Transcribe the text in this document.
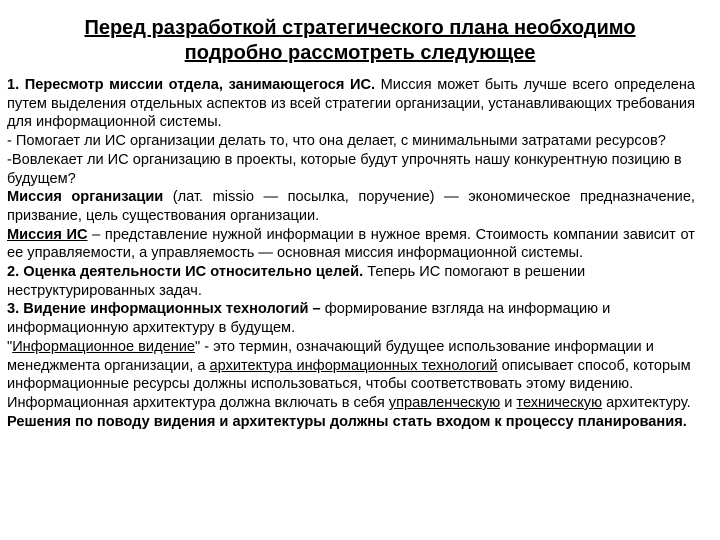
Перед разработкой стратегического плана необходимо
подробно рассмотреть следующее

1. Пересмотр миссии отдела, занимающегося ИС. Миссия может быть лучше всего определена путем выделения отдельных аспектов из всей стратегии организации, устанавливающих требования для информационной системы.

- Помогает ли ИС организации делать то, что она делает, с минимальными затратами ресурсов?

-Вовлекает ли ИС организацию в проекты, которые будут упрочнять нашу конкурентную позицию в будущем?

Миссия организации (лат. missio — посылка, поручение) — экономическое предназначение, призвание, цель существования организации.

Миссия ИС – представление нужной информации в нужное время. Стоимость компании зависит от ее управляемости, а управляемость — основная миссия информационной системы.

2. Оценка деятельности ИС относительно целей. Теперь ИС помогают в решении неструктурированных задач.

3. Видение информационных технологий – формирование взгляда на информацию и информационную архитектуру в будущем.

"Информационное видение" - это термин, означающий будущее использование информации и менеджмента организации, а архитектура информационных технологий описывает способ, которым информационные ресурсы должны использоваться, чтобы соответствовать этому видению.

Информационная архитектура должна включать в себя управленческую и техническую архитектуру.

Решения по поводу видения и архитектуры должны стать входом к процессу планирования.
